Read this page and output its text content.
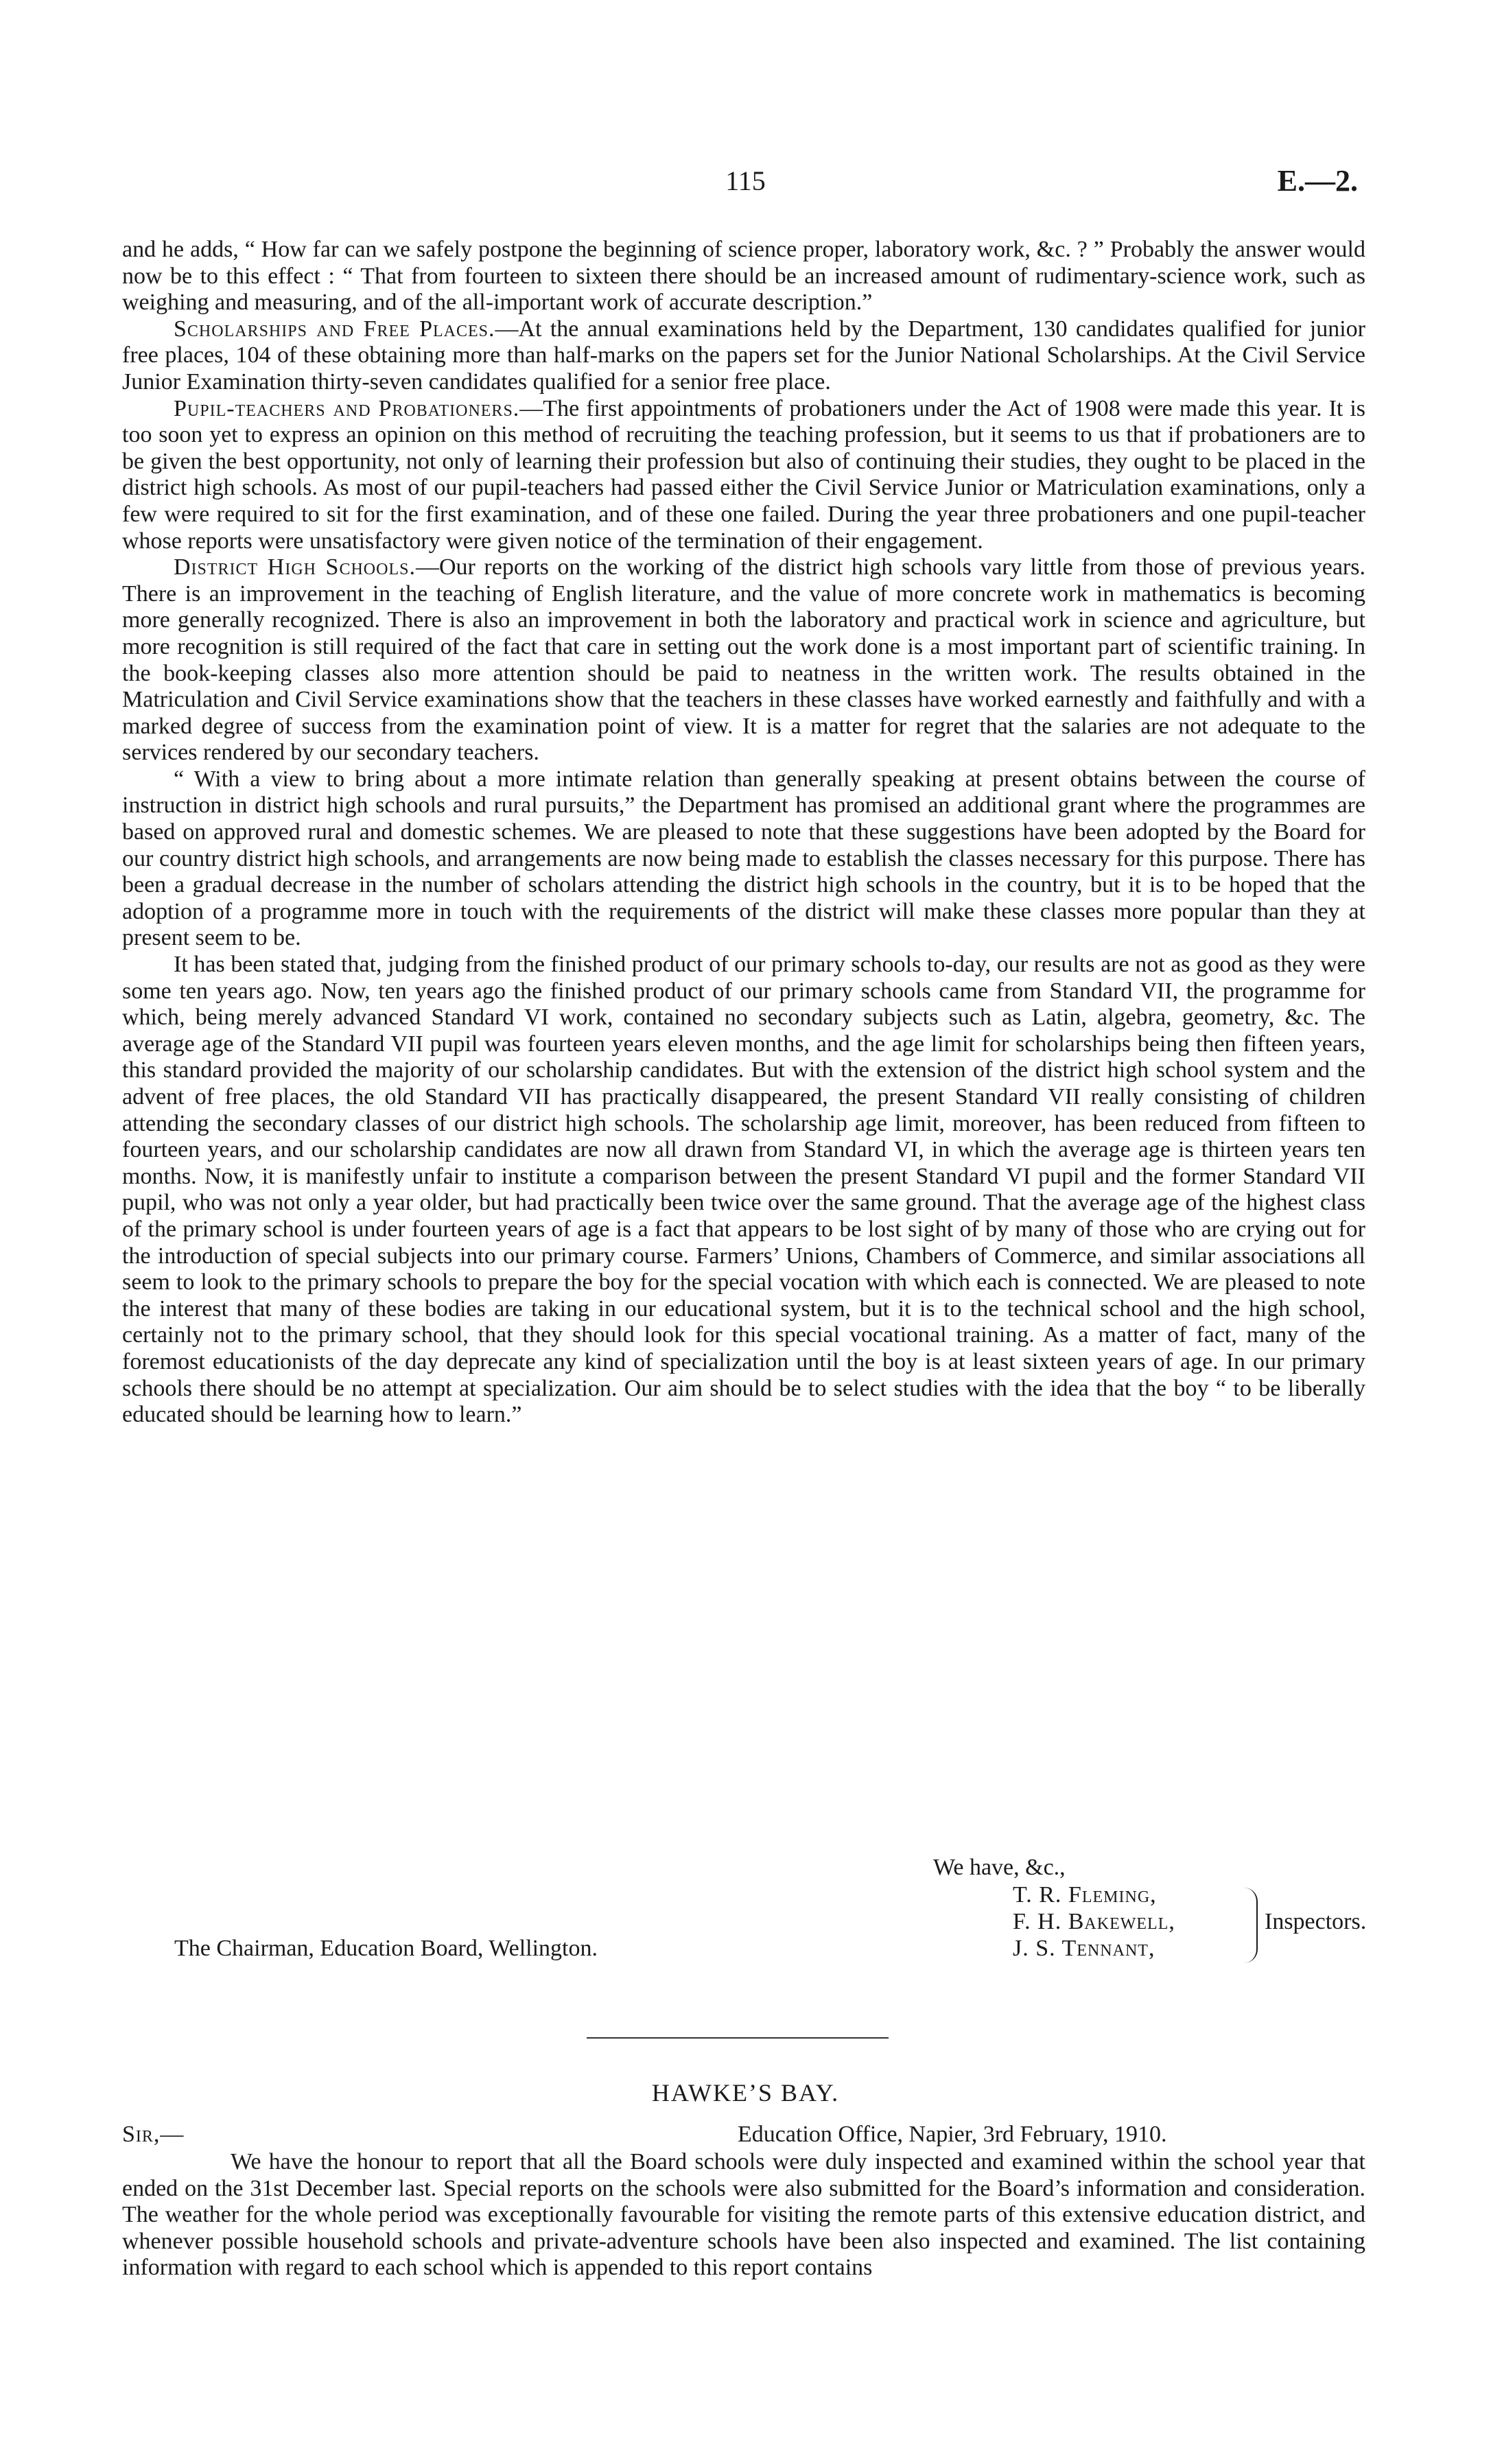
115	E.—2.

and he adds, “ How far can we safely postpone the beginning of science proper, laboratory work, &c. ? ” Probably the answer would now be to this effect : “ That from fourteen to sixteen there should be an increased amount of rudimentary-science work, such as weighing and measuring, and of the all-important work of accurate description.”

Scholarships and Free Places.—At the annual examinations held by the Department, 130 candidates qualified for junior free places, 104 of these obtaining more than half-marks on the papers set for the Junior National Scholarships. At the Civil Service Junior Examination thirty-seven candidates qualified for a senior free place.

Pupil-teachers and Probationers.—The first appointments of probationers under the Act of 1908 were made this year. It is too soon yet to express an opinion on this method of recruiting the teaching profession, but it seems to us that if probationers are to be given the best opportunity, not only of learning their profession but also of continuing their studies, they ought to be placed in the district high schools. As most of our pupil-teachers had passed either the Civil Service Junior or Matriculation examinations, only a few were required to sit for the first examination, and of these one failed. During the year three probationers and one pupil-teacher whose reports were unsatisfactory were given notice of the termination of their engagement.

District High Schools.—Our reports on the working of the district high schools vary little from those of previous years. There is an improvement in the teaching of English literature, and the value of more concrete work in mathematics is becoming more generally recognized. There is also an improvement in both the laboratory and practical work in science and agriculture, but more recognition is still required of the fact that care in setting out the work done is a most important part of scientific training. In the book-keeping classes also more attention should be paid to neatness in the written work. The results obtained in the Matriculation and Civil Service examinations show that the teachers in these classes have worked earnestly and faithfully and with a marked degree of success from the examination point of view. It is a matter for regret that the salaries are not adequate to the services rendered by our secondary teachers.

“ With a view to bring about a more intimate relation than generally speaking at present obtains between the course of instruction in district high schools and rural pursuits,” the Department has promised an additional grant where the programmes are based on approved rural and domestic schemes. We are pleased to note that these suggestions have been adopted by the Board for our country district high schools, and arrangements are now being made to establish the classes necessary for this purpose. There has been a gradual decrease in the number of scholars attending the district high schools in the country, but it is to be hoped that the adoption of a programme more in touch with the requirements of the district will make these classes more popular than they at present seem to be.

It has been stated that, judging from the finished product of our primary schools to-day, our results are not as good as they were some ten years ago. Now, ten years ago the finished product of our primary schools came from Standard VII, the programme for which, being merely advanced Standard VI work, contained no secondary subjects such as Latin, algebra, geometry, &c. The average age of the Standard VII pupil was fourteen years eleven months, and the age limit for scholarships being then fifteen years, this standard provided the majority of our scholarship candidates. But with the extension of the district high school system and the advent of free places, the old Standard VII has practically disappeared, the present Standard VII really consisting of children attending the secondary classes of our district high schools. The scholarship age limit, moreover, has been reduced from fifteen to fourteen years, and our scholarship candidates are now all drawn from Standard VI, in which the average age is thirteen years ten months. Now, it is manifestly unfair to institute a comparison between the present Standard VI pupil and the former Standard VII pupil, who was not only a year older, but had practically been twice over the same ground. That the average age of the highest class of the primary school is under fourteen years of age is a fact that appears to be lost sight of by many of those who are crying out for the introduction of special subjects into our primary course. Farmers’ Unions, Chambers of Commerce, and similar associations all seem to look to the primary schools to prepare the boy for the special vocation with which each is connected. We are pleased to note the interest that many of these bodies are taking in our educational system, but it is to the technical school and the high school, certainly not to the primary school, that they should look for this special vocational training. As a matter of fact, many of the foremost educationists of the day deprecate any kind of specialization until the boy is at least sixteen years of age. In our primary schools there should be no attempt at specialization. Our aim should be to select studies with the idea that the boy “ to be liberally educated should be learning how to learn.”

We have, &c.,
T. R. Fleming,
F. H. Bakewell,
J. S. Tennant,
Inspectors.
The Chairman, Education Board, Wellington.
HAWKE’S BAY.
Sir,—	Education Office, Napier, 3rd February, 1910.

We have the honour to report that all the Board schools were duly inspected and examined within the school year that ended on the 31st December last. Special reports on the schools were also submitted for the Board’s information and consideration. The weather for the whole period was exceptionally favourable for visiting the remote parts of this extensive education district, and whenever possible household schools and private-adventure schools have been also inspected and examined. The list containing information with regard to each school which is appended to this report contains
